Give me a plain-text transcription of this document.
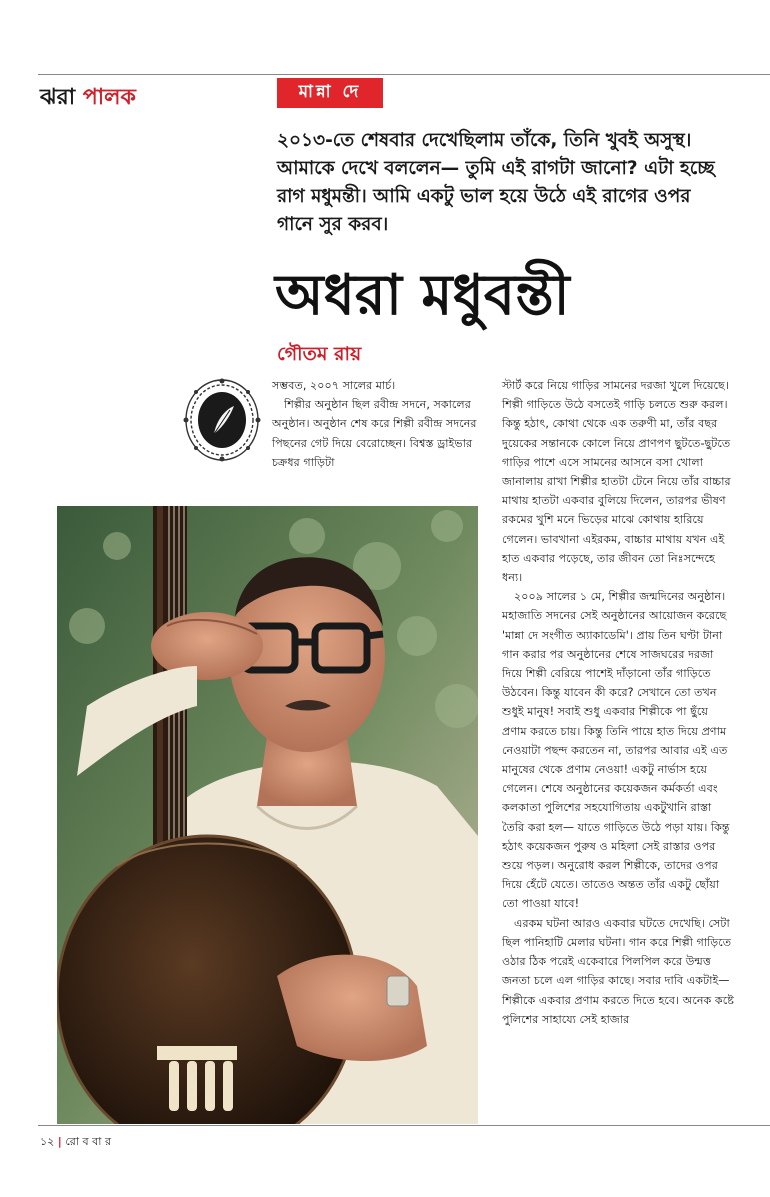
ঝরা পালক	মান্না দে
২০১৩-তে শেষবার দেখেছিলাম তাঁকে, তিনি খুবই অসুস্থ। আমাকে দেখে বললেন— তুমি এই রাগটা জানো? এটা হচ্ছে রাগ মধুমন্তী। আমি একটু ভাল হয়ে উঠে এই রাগের ওপর গানে সুর করব।
অধরা মধুবন্তী
গৌতম রায়

সম্ভবত, ২০০৭ সালের মার্চ।

শিল্পীর অনুষ্ঠান ছিল রবীন্দ্র সদনে, সকালের অনুষ্ঠান। অনুষ্ঠান শেষ করে শিল্পী রবীন্দ্র সদনের পিছনের গেট দিয়ে বেরোচ্ছেন। বিশ্বস্ত ড্রাইভার চক্রধর গাড়িটা

স্টার্ট করে নিয়ে গাড়ির সামনের দরজা খুলে দিয়েছে। শিল্পী গাড়িতে উঠে বসতেই গাড়ি চলতে শুরু করল। কিন্তু হঠাৎ, কোথা থেকে এক তরুণী মা, তাঁর বছর দুয়েকের সন্তানকে কোলে নিয়ে প্রাণপণ ছুটতে-ছুটতে গাড়ির পাশে এসে সামনের আসনে বসা খোলা জানালায় রাখা শিল্পীর হাতটা টেনে নিয়ে তাঁর বাচ্চার মাথায় হাতটা একবার বুলিয়ে দিলেন, তারপর ভীষণ রকমের খুশি মনে ভিড়ের মাঝে কোথায় হারিয়ে গেলেন। ভাবখানা এইরকম, বাচ্চার মাথায় যখন এই হাত একবার পড়েছে, তার জীবন তো নিঃসন্দেহে ধন্য।

২০০৯ সালের ১ মে, শিল্পীর জন্মদিনের অনুষ্ঠান। মহাজাতি সদনের সেই অনুষ্ঠানের আয়োজন করেছে 'মান্না দে সংগীত অ্যাকাডেমি'। প্রায় তিন ঘণ্টা টানা গান করার পর অনুষ্ঠানের শেষে সাজঘরের দরজা দিয়ে শিল্পী বেরিয়ে পাশেই দাঁড়ানো তাঁর গাড়িতে উঠবেন। কিন্তু যাবেন কী করে? সেখানে তো তখন শুধুই মানুষ! সবাই শুধু একবার শিল্পীকে পা ছুঁয়ে প্রণাম করতে চায়। কিন্তু তিনি পায়ে হাত দিয়ে প্রণাম নেওয়াটা পছন্দ করতেন না, তারপর আবার এই এত মানুষের থেকে প্রণাম নেওয়া! একটু নার্ভাস হয়ে গেলেন। শেষে অনুষ্ঠানের কয়েকজন কর্মকর্তা এবং কলকাতা পুলিশের সহযোগিতায় একটুখানি রাস্তা তৈরি করা হল— যাতে গাড়িতে উঠে পড়া যায়। কিন্তু হঠাৎ কয়েকজন পুরুষ ও মহিলা সেই রাস্তার ওপর শুয়ে পড়ল। অনুরোধ করল শিল্পীকে, তাদের ওপর দিয়ে হেঁটে যেতে। তাতেও অন্তত তাঁর একটু ছোঁয়া তো পাওয়া যাবে!

এরকম ঘটনা আরও একবার ঘটতে দেখেছি। সেটা ছিল পানিহাটি মেলার ঘটনা। গান করে শিল্পী গাড়িতে ওঠার ঠিক পরেই একেবারে পিলপিল করে উন্মত্ত জনতা চলে এল গাড়ির কাছে। সবার দাবি একটাই— শিল্পীকে একবার প্রণাম করতে দিতে হবে। অনেক কষ্টে পুলিশের সাহায্যে সেই হাজার

১২ | রো ব বা র
